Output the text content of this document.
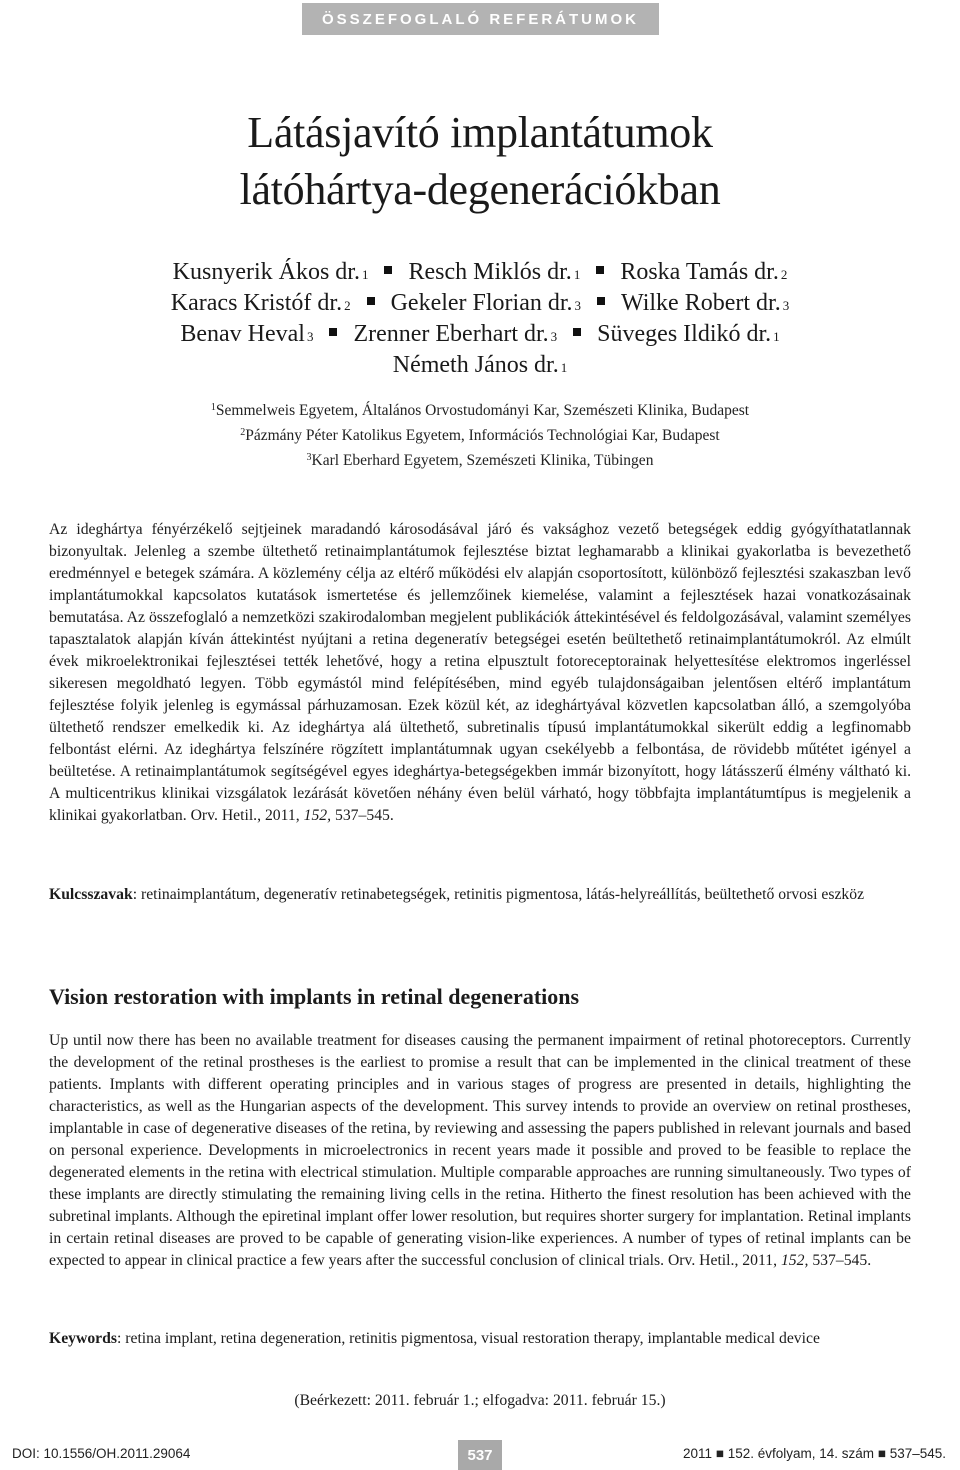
ÖSSZEFOGLALÓ REFERÁTUMOK
Látásjavító implantátumok
látóhártya-degenerációkban
Kusnyerik Ákos dr. 1 Resch Miklós dr. 1 Roska Tamás dr. 2
Karacs Kristóf dr. 2 Gekeler Florian dr. 3 Wilke Robert dr. 3
Benav Heval 3 Zrenner Eberhart dr. 3 Süveges Ildikó dr. 1
Németh János dr. 1
$^1$Semmelweis Egyetem, Általános Orvostudományi Kar, Szemészeti Klinika, Budapest
$^2$Pázmány Péter Katolikus Egyetem, Információs Technológiai Kar, Budapest
$^3$Karl Eberhard Egyetem, Szemészeti Klinika, Tübingen

Az ideghártya fényérzékelő sejtjeinek maradandó károsodásával járó és vaksághoz vezető betegségek eddig gyógyíthatatlannak bizonyultak. Jelenleg a szembe ültethető retinaimplantátumok fejlesztése biztat leghamarabb a klinikai gyakorlatba is bevezethető eredménnyel e betegek számára. A közlemény célja az eltérő működési elv alapján csoportosított, különböző fejlesztési szakaszban levő implantátumokkal kapcsolatos kutatások ismertetése és jellemzőinek kiemelése, valamint a fejlesztések hazai vonatkozásainak bemutatása. Az összefoglaló a nemzetközi szakirodalomban megjelent publikációk áttekintésével és feldolgozásával, valamint személyes tapasztalatok alapján kíván áttekintést nyújtani a retina degeneratív betegségei esetén beültethető retinaimplantátumokról. Az elmúlt évek mikroelektronikai fejlesztései tették lehetővé, hogy a retina elpusztult fotoreceptorainak helyettesítése elektromos ingerléssel sikeresen megoldható legyen. Több egymástól mind felépítésében, mind egyéb tulajdonságaiban jelentősen eltérő implantátum fejlesztése folyik jelenleg is egymással párhuzamosan. Ezek közül két, az ideghártyával közvetlen kapcsolatban álló, a szemgolyóba ültethető rendszer emelkedik ki. Az ideghártya alá ültethető, subretinalis típusú implantátumokkal sikerült eddig a legfinomabb felbontást elérni. Az ideghártya felszínére rögzített implantátumnak ugyan csekélyebb a felbontása, de rövidebb műtétet igényel a beültetése. A retinaimplantátumok segítségével egyes ideghártya-betegségekben immár bizonyított, hogy látásszerű élmény váltható ki. A multicentrikus klinikai vizsgálatok lezárását követően néhány éven belül várható, hogy többfajta implantátumtípus is megjelenik a klinikai gyakorlatban. Orv. Hetil., 2011, 152, 537–545.

Kulcsszavak: retinaimplantátum, degeneratív retinabetegségek, retinitis pigmentosa, látás-helyreállítás, beültethető orvosi eszköz

Vision restoration with implants in retinal degenerations

Up until now there has been no available treatment for diseases causing the permanent impairment of retinal photoreceptors. Currently the development of the retinal prostheses is the earliest to promise a result that can be implemented in the clinical treatment of these patients. Implants with different operating principles and in various stages of progress are presented in details, highlighting the characteristics, as well as the Hungarian aspects of the development. This survey intends to provide an overview on retinal prostheses, implantable in case of degenerative diseases of the retina, by reviewing and assessing the papers published in relevant journals and based on personal experience. Developments in microelectronics in recent years made it possible and proved to be feasible to replace the degenerated elements in the retina with electrical stimulation. Multiple comparable approaches are running simultaneously. Two types of these implants are directly stimulating the remaining living cells in the retina. Hitherto the finest resolution has been achieved with the subretinal implants. Although the epiretinal implant offer lower resolution, but requires shorter surgery for implantation. Retinal implants in certain retinal diseases are proved to be capable of generating vision-like experiences. A number of types of retinal implants can be expected to appear in clinical practice a few years after the successful conclusion of clinical trials. Orv. Hetil., 2011, 152, 537–545.

Keywords: retina implant, retina degeneration, retinitis pigmentosa, visual restoration therapy, implantable medical device

(Beérkezett: 2011. február 1.; elfogadva: 2011. február 15.)
DOI: 10.1556/OH.2011.29064	537	2011 ■ 152. évfolyam, 14. szám ■ 537–545.
